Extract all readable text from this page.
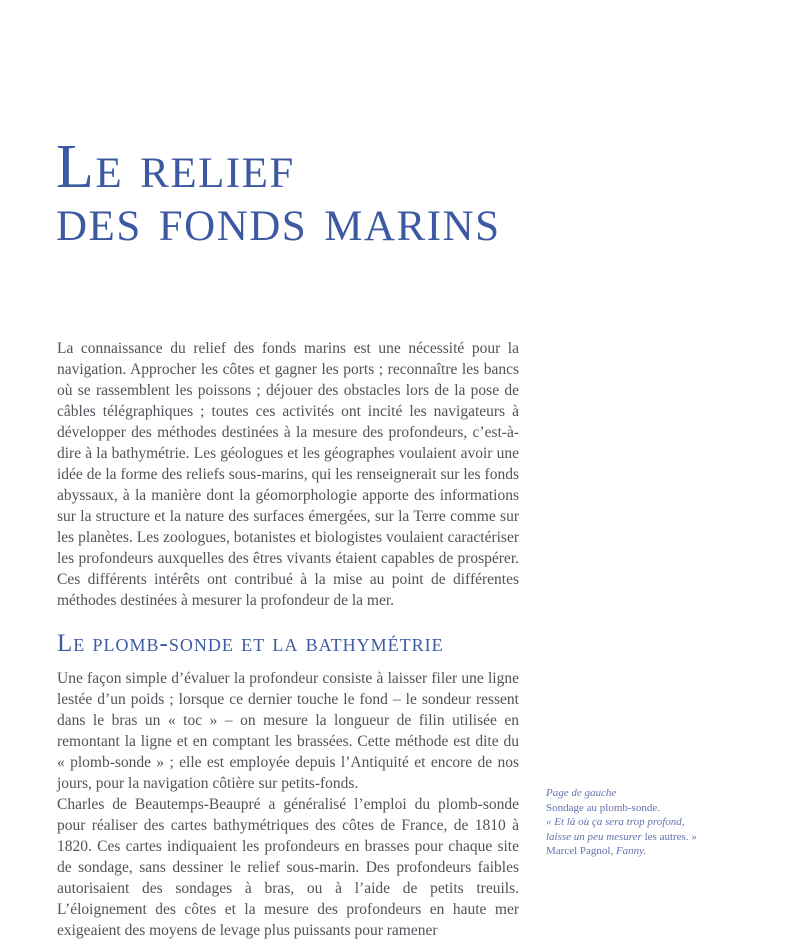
Le relief
des fonds marins

La connaissance du relief des fonds marins est une nécessité pour la navigation. Approcher les côtes et gagner les ports ; reconnaître les bancs où se rassemblent les poissons ; déjouer des obstacles lors de la pose de câbles télégraphiques ; toutes ces activités ont incité les navigateurs à développer des méthodes destinées à la mesure des profondeurs, c’est-à-dire à la bathymétrie. Les géologues et les géographes voulaient avoir une idée de la forme des reliefs sous-marins, qui les renseignerait sur les fonds abyssaux, à la manière dont la géomorphologie apporte des informations sur la structure et la nature des surfaces émergées, sur la Terre comme sur les planètes. Les zoologues, botanistes et biologistes voulaient caractériser les profondeurs auxquelles des êtres vivants étaient capables de prospérer. Ces différents intérêts ont contribué à la mise au point de différentes méthodes destinées à mesurer la profondeur de la mer.

Le plomb-sonde et la bathymétrie

Une façon simple d’évaluer la profondeur consiste à laisser filer une ligne lestée d’un poids ; lorsque ce dernier touche le fond – le sondeur ressent dans le bras un « toc » – on mesure la longueur de filin utilisée en remontant la ligne et en comptant les brassées. Cette méthode est dite du « plomb-sonde » ; elle est employée depuis l’Antiquité et encore de nos jours, pour la navigation côtière sur petits-fonds.

Charles de Beautemps-Beaupré a généralisé l’emploi du plomb-sonde pour réaliser des cartes bathymétriques des côtes de France, de 1810 à 1820. Ces cartes indiquaient les profondeurs en brasses pour chaque site de sondage, sans dessiner le relief sous-marin. Des profondeurs faibles autorisaient des sondages à bras, ou à l’aide de petits treuils. L’éloignement des côtes et la mesure des profondeurs en haute mer exigeaient des moyens de levage plus puissants pour ramener

Page de gauche
Sondage au plomb-sonde.
« Et là où ça sera trop profond,
laisse un peu mesurer les autres. »
Marcel Pagnol, Fanny.
